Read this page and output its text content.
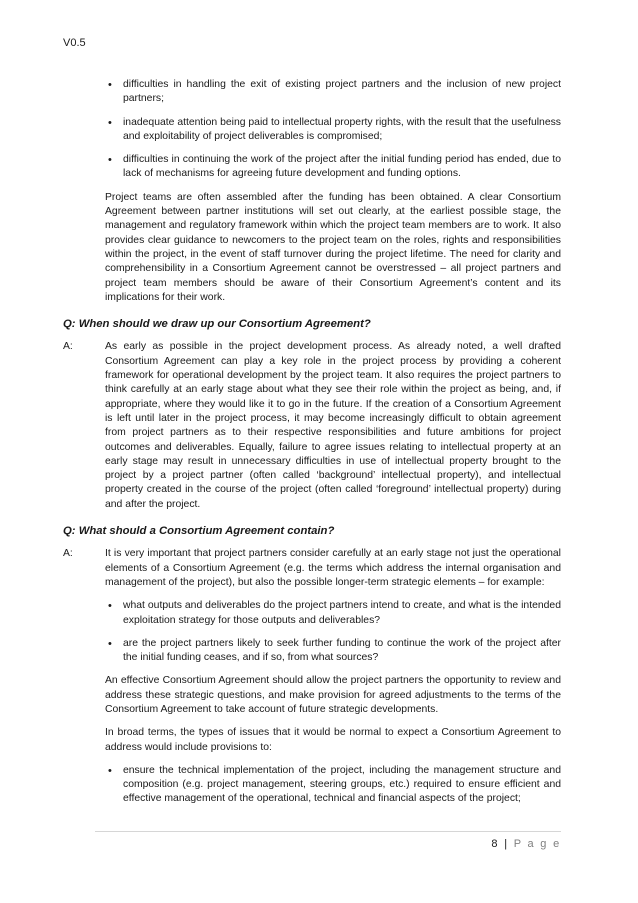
V0.5
• difficulties in handling the exit of existing project partners and the inclusion of new project partners;
• inadequate attention being paid to intellectual property rights, with the result that the usefulness and exploitability of project deliverables is compromised;
• difficulties in continuing the work of the project after the initial funding period has ended, due to lack of mechanisms for agreeing future development and funding options.

Project teams are often assembled after the funding has been obtained. A clear Consortium Agreement between partner institutions will set out clearly, at the earliest possible stage, the management and regulatory framework within which the project team members are to work. It also provides clear guidance to newcomers to the project team on the roles, rights and responsibilities within the project, in the event of staff turnover during the project lifetime. The need for clarity and comprehensibility in a Consortium Agreement cannot be overstressed – all project partners and project team members should be aware of their Consortium Agreement’s content and its implications for their work.

Q: When should we draw up our Consortium Agreement?
A:	As early as possible in the project development process. As already noted, a well drafted Consortium Agreement can play a key role in the project process by providing a coherent framework for operational development by the project team. It also requires the project partners to think carefully at an early stage about what they see their role within the project as being, and, if appropriate, where they would like it to go in the future. If the creation of a Consortium Agreement is left until later in the project process, it may become increasingly difficult to obtain agreement from project partners as to their respective responsibilities and future ambitions for project outcomes and deliverables. Equally, failure to agree issues relating to intellectual property at an early stage may result in unnecessary difficulties in use of intellectual property brought to the project by a project partner (often called ‘background’ intellectual property), and intellectual property created in the course of the project (often called ‘foreground’ intellectual property) during and after the project.
Q: What should a Consortium Agreement contain?
A:	It is very important that project partners consider carefully at an early stage not just the operational elements of a Consortium Agreement (e.g. the terms which address the internal organisation and management of the project), but also the possible longer-term strategic elements – for example:
• what outputs and deliverables do the project partners intend to create, and what is the intended exploitation strategy for those outputs and deliverables?
• are the project partners likely to seek further funding to continue the work of the project after the initial funding ceases, and if so, from what sources?

An effective Consortium Agreement should allow the project partners the opportunity to review and address these strategic questions, and make provision for agreed adjustments to the terms of the Consortium Agreement to take account of future strategic developments.

In broad terms, the types of issues that it would be normal to expect a Consortium Agreement to address would include provisions to:

• ensure the technical implementation of the project, including the management structure and composition (e.g. project management, steering groups, etc.) required to ensure efficient and effective management of the operational, technical and financial aspects of the project;
8 | P a g e
